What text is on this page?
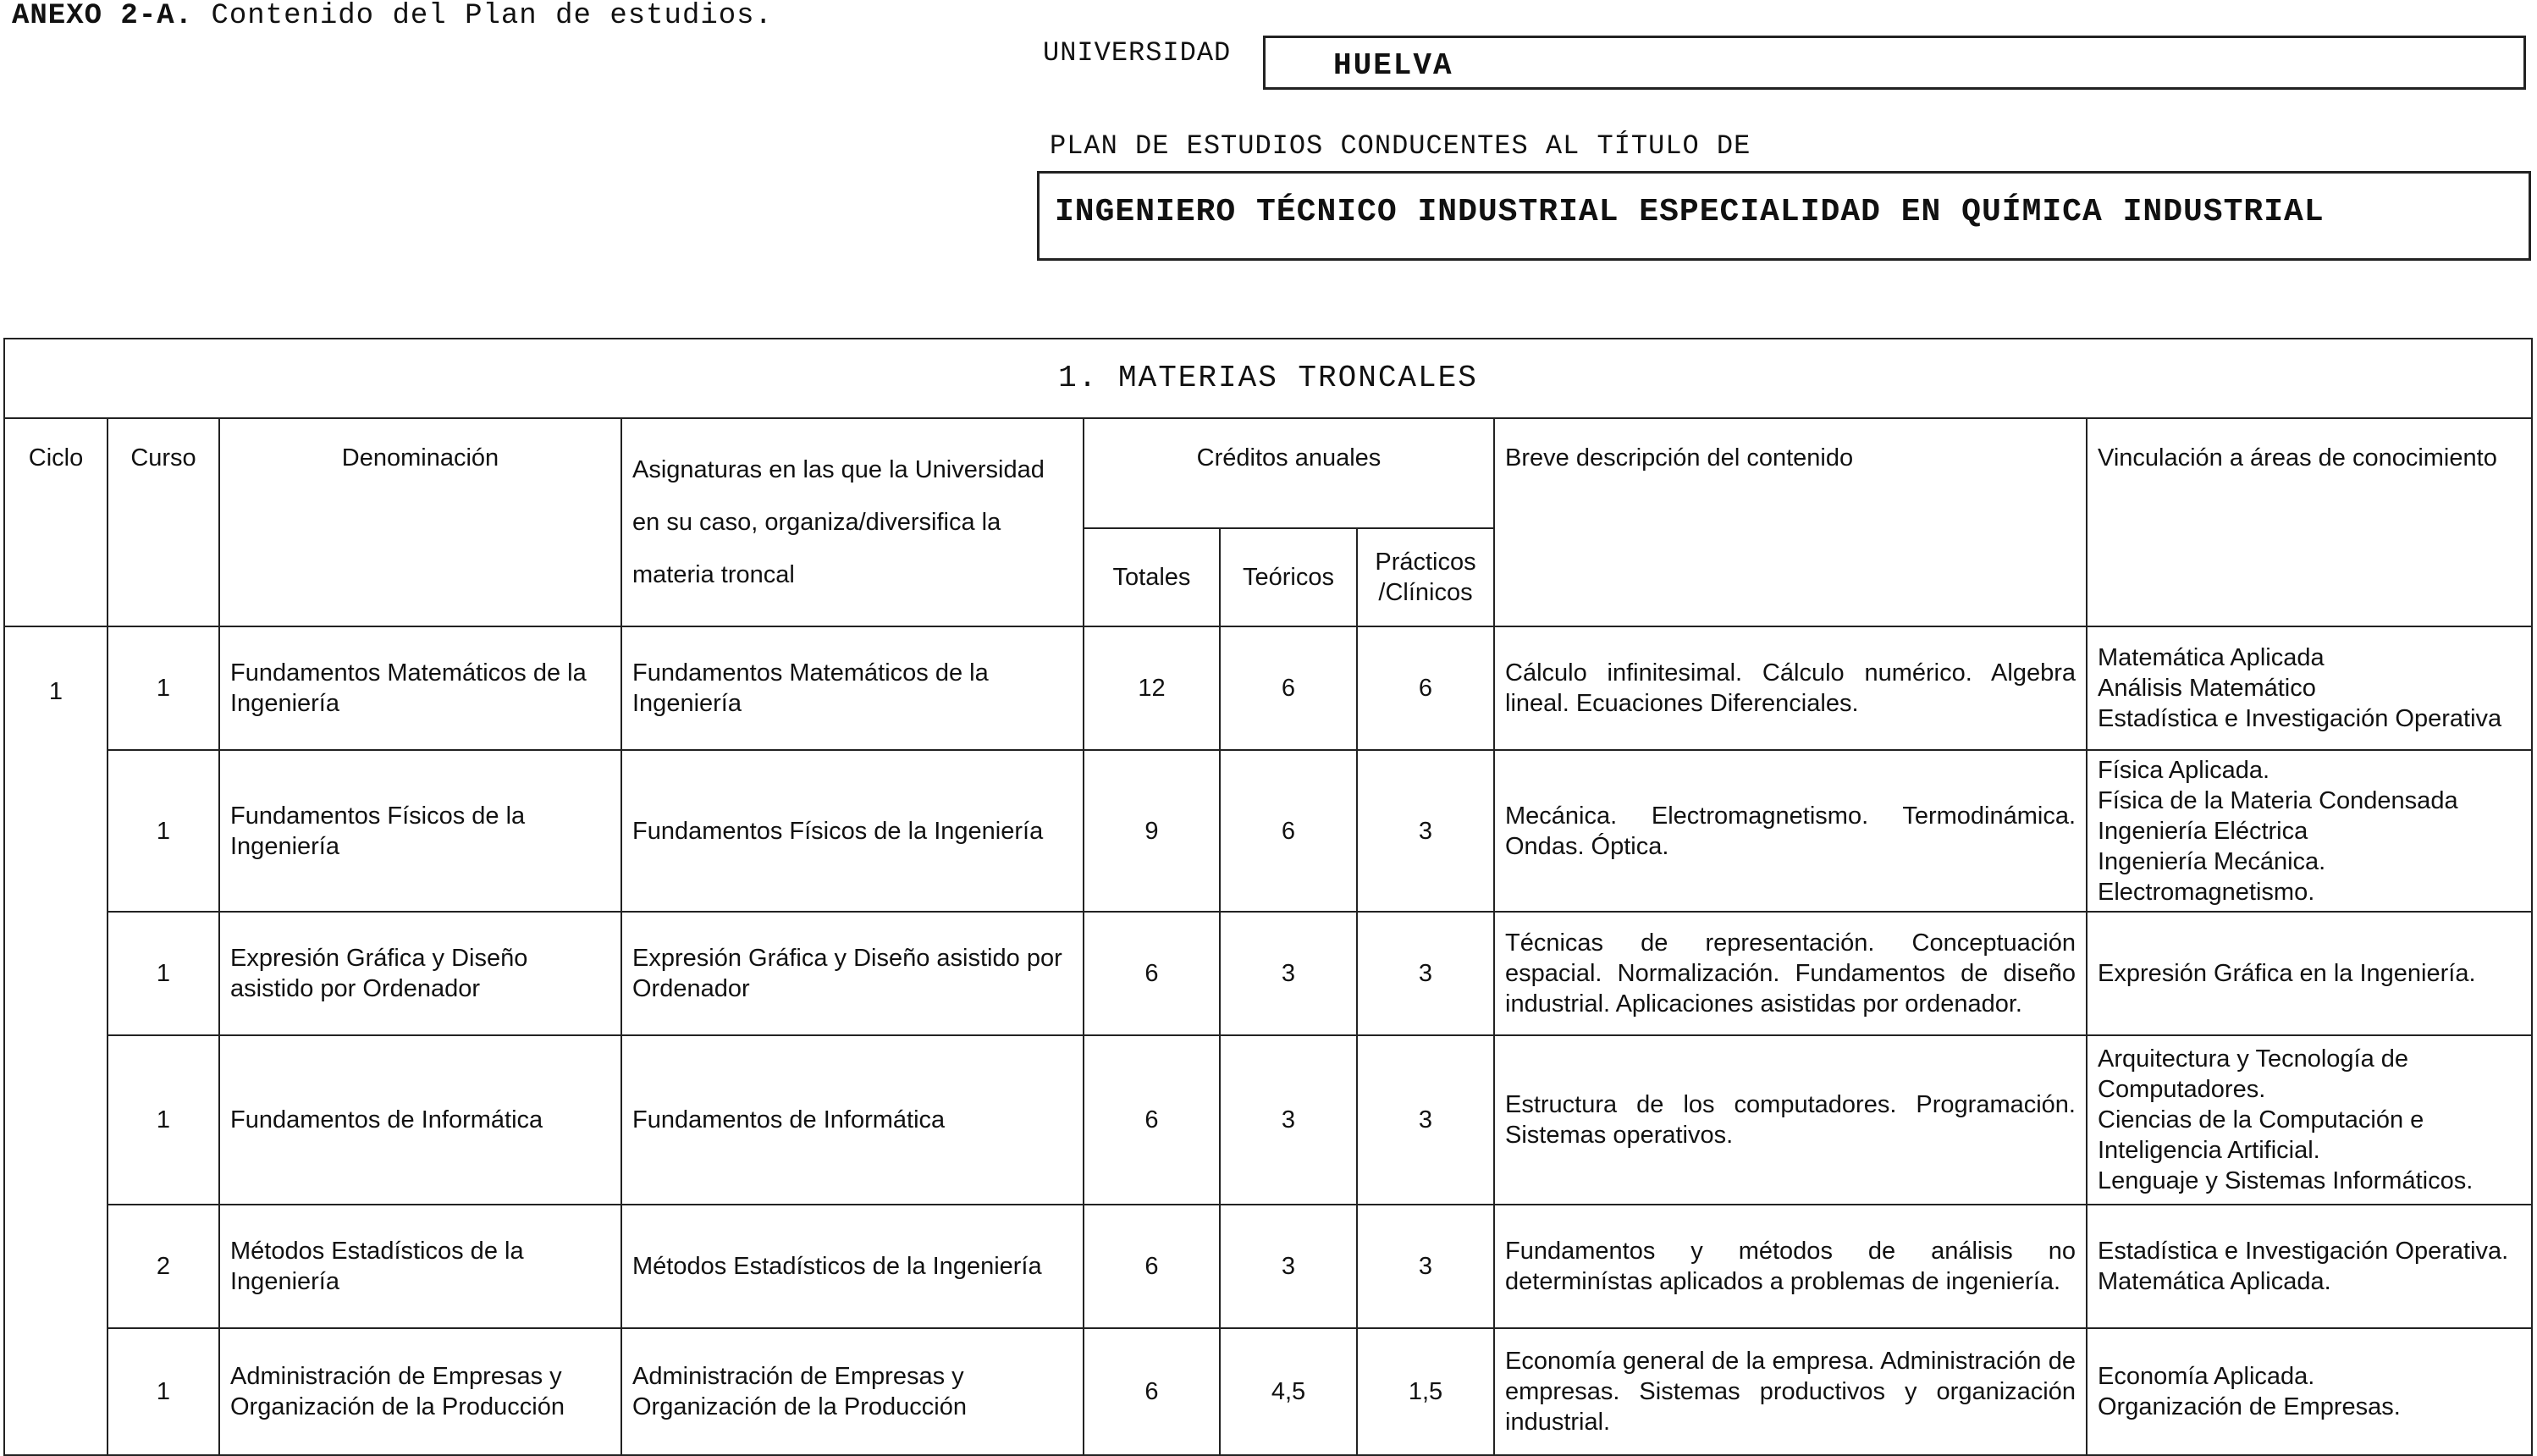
ANEXO 2-A. Contenido del Plan de estudios.
UNIVERSIDAD	HUELVA
PLAN DE ESTUDIOS CONDUCENTES AL TÍTULO DE
INGENIERO TÉCNICO INDUSTRIAL ESPECIALIDAD EN QUÍMICA INDUSTRIAL
1. MATERIAS TRONCALES								
Ciclo	Curso	Denominación	Asignaturas en las que la Universidad en su caso, organiza/diversifica la materia troncal	Créditos anuales			Breve descripción del contenido	Vinculación a áreas de conocimiento
				Totales	Teóricos	Prácticos /Clínicos		
1	1	Fundamentos Matemáticos de la Ingeniería	Fundamentos Matemáticos de la Ingeniería	12	6	6	Cálculo infinitesimal. Cálculo numérico. Algebra lineal. Ecuaciones Diferenciales.	Matemática Aplicada
Análisis Matemático
Estadística e Investigación Operativa

	1	Fundamentos Físicos de la Ingeniería	Fundamentos Físicos de la Ingeniería	9	6	3	Mecánica. Electromagnetismo. Termodinámica. Ondas. Óptica.	Física Aplicada.
Física de la Materia Condensada
Ingeniería Eléctrica
Ingeniería Mecánica.
Electromagnetismo.

	1	Expresión Gráfica y Diseño asistido por Ordenador	Expresión Gráfica y Diseño asistido por Ordenador	6	3	3	Técnicas de representación. Conceptuación espacial. Normalización. Fundamentos de diseño industrial. Aplicaciones asistidas por ordenador.	Expresión Gráfica en la Ingeniería.

	1	Fundamentos de Informática	Fundamentos de Informática	6	3	3	Estructura de los computadores. Programación. Sistemas operativos.	Arquitectura y Tecnología de Computadores.
Ciencias de la Computación e Inteligencia Artificial.
Lenguaje y Sistemas Informáticos.

	2	Métodos Estadísticos de la Ingeniería	Métodos Estadísticos de la Ingeniería	6	3	3	Fundamentos y métodos de análisis no determinístas aplicados a problemas de ingeniería.	Estadística e Investigación Operativa.
Matemática Aplicada.

	1	Administración de Empresas y Organización de la Producción	Administración de Empresas y Organización de la Producción	6	4,5	1,5	Economía general de la empresa. Administración de empresas. Sistemas productivos y organización industrial.	Economía Aplicada.
Organización de Empresas.
